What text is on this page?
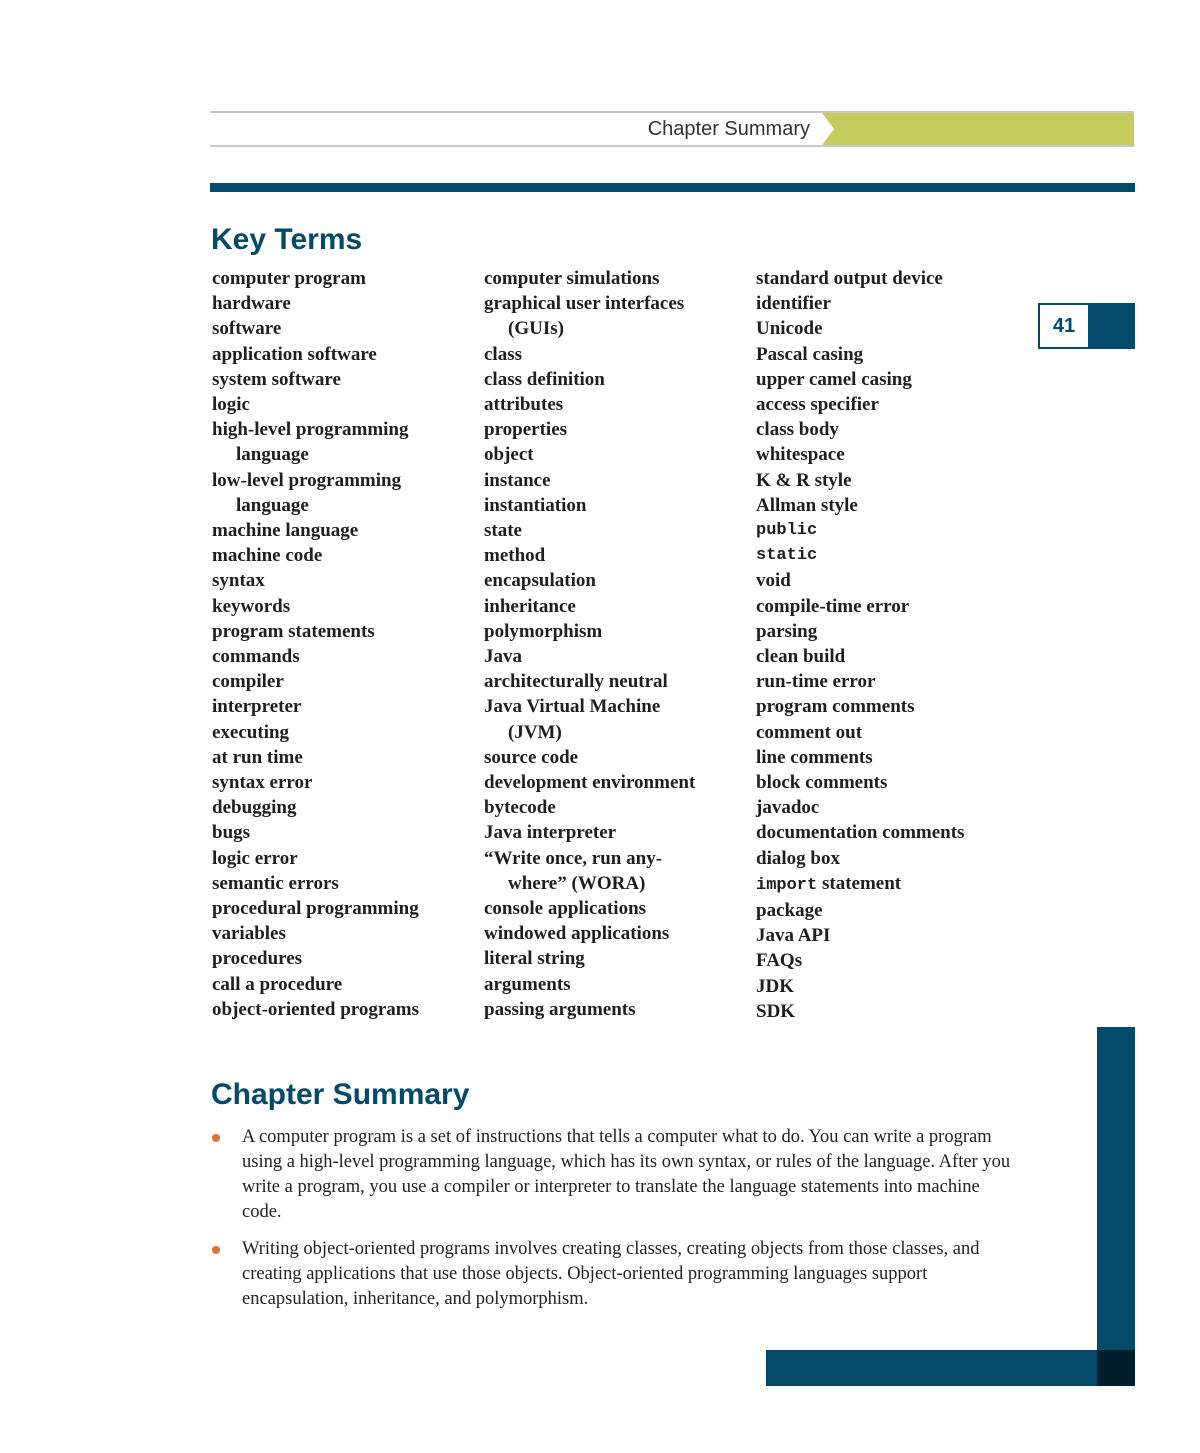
Chapter Summary
41
Key Terms
computer program
hardware
software
application software
system software
logic
high-level programming
language
low-level programming
language
machine language
machine code
syntax
keywords
program statements
commands
compiler
interpreter
executing
at run time
syntax error
debugging
bugs
logic error
semantic errors
procedural programming
variables
procedures
call a procedure
object-oriented programs
computer simulations
graphical user interfaces
(GUIs)
class
class definition
attributes
properties
object
instance
instantiation
state
method
encapsulation
inheritance
polymorphism
Java
architecturally neutral
Java Virtual Machine
(JVM)
source code
development environment
bytecode
Java interpreter
“Write once, run any-
where” (WORA)
console applications
windowed applications
literal string
arguments
passing arguments
standard output device
identifier
Unicode
Pascal casing
upper camel casing
access specifier
class body
whitespace
K & R style
Allman style
public
static
void
compile-time error
parsing
clean build
run-time error
program comments
comment out
line comments
block comments
javadoc
documentation comments
dialog box
import statement
package
Java API
FAQs
JDK
SDK
Chapter Summary
A computer program is a set of instructions that tells a computer what to do. You can write a program using a high-level programming language, which has its own syntax, or rules of the language. After you write a program, you use a compiler or interpreter to translate the language statements into machine code.
Writing object-oriented programs involves creating classes, creating objects from those classes, and creating applications that use those objects. Object-oriented programming languages support encapsulation, inheritance, and polymorphism.
